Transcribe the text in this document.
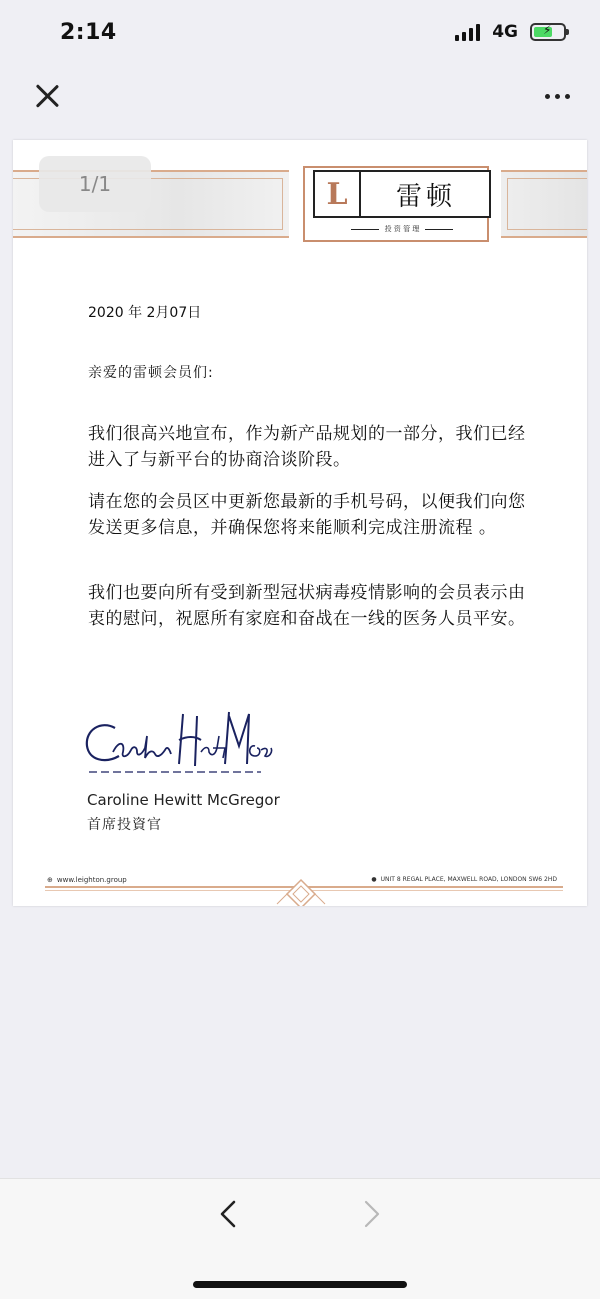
2:14	4G ⚡
1/1	L	雷顿
投 资 管 理
2020 年 2月07日
亲爱的雷顿会员们:
我们很高兴地宣布，作为新产品规划的一部分，我们已经进入了与新平台的协商洽谈阶段。
请在您的会员区中更新您最新的手机号码，以便我们向您发送更多信息，并确保您将来能顺利完成注册流程 。
我们也要向所有受到新型冠状病毒疫情影响的会员表示由衷的慰问，祝愿所有家庭和奋战在一线的医务人员平安。
Caroline Hewitt McGregor
首席投資官
⊕ www.leighton.group	● UNIT 8 REGAL PLACE, MAXWELL ROAD, LONDON SW6 2HD
